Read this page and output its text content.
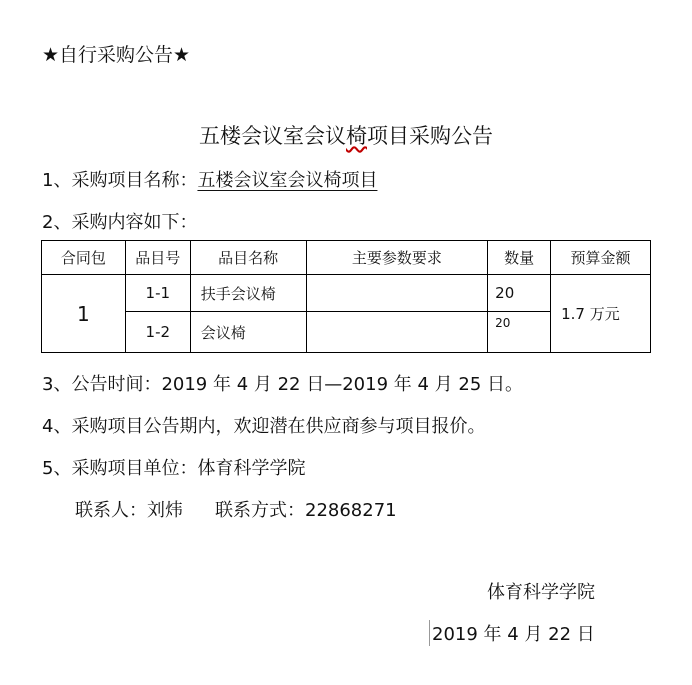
★自行采购公告★
五楼会议室会议椅项目采购公告
1、采购项目名称：五楼会议室会议椅项目
2、采购内容如下：
合同包	品目号	品目名称	主要参数要求	数量	预算金额
1	1-1	扶手会议椅		20	1.7 万元
	1-2	会议椅		20	
3、公告时间：2019 年 4 月 22 日—2019 年 4 月 25 日。
4、采购项目公告期内，欢迎潜在供应商参与项目报价。
5、采购项目单位：体育科学学院
联系人：刘炜 联系方式：22868271
体育科学学院
2019 年 4 月 22 日
